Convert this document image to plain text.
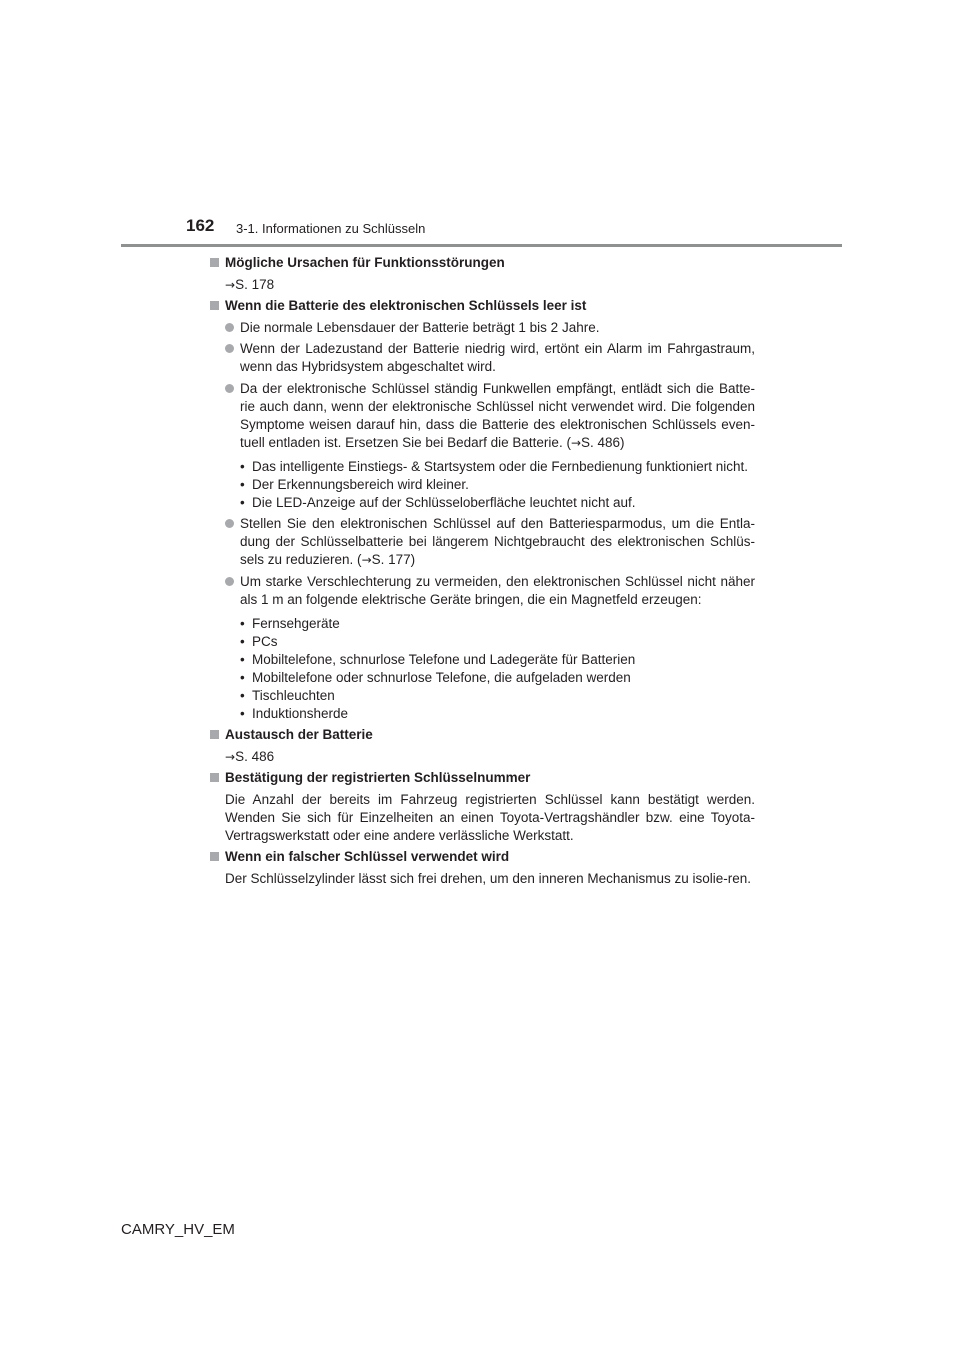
162 3-1. Informationen zu Schlüsseln
Mögliche Ursachen für Funktionsstörungen
→S. 178
Wenn die Batterie des elektronischen Schlüssels leer ist
Die normale Lebensdauer der Batterie beträgt 1 bis 2 Jahre.
Wenn der Ladezustand der Batterie niedrig wird, ertönt ein Alarm im Fahrgastraum, wenn das Hybridsystem abgeschaltet wird.
Da der elektronische Schlüssel ständig Funkwellen empfängt, entlädt sich die Batte-rie auch dann, wenn der elektronische Schlüssel nicht verwendet wird. Die folgenden Symptome weisen darauf hin, dass die Batterie des elektronischen Schlüssels even-tuell entladen ist. Ersetzen Sie bei Bedarf die Batterie. (→S. 486)
• Das intelligente Einstiegs- & Startsystem oder die Fernbedienung funktioniert nicht.
• Der Erkennungsbereich wird kleiner.
• Die LED-Anzeige auf der Schlüsseloberfläche leuchtet nicht auf.
Stellen Sie den elektronischen Schlüssel auf den Batteriesparmodus, um die Entla-dung der Schlüsselbatterie bei längerem Nichtgebraucht des elektronischen Schlüs-sels zu reduzieren. (→S. 177)
Um starke Verschlechterung zu vermeiden, den elektronischen Schlüssel nicht näher als 1 m an folgende elektrische Geräte bringen, die ein Magnetfeld erzeugen:
• Fernsehgeräte
• PCs
• Mobiltelefone, schnurlose Telefone und Ladegeräte für Batterien
• Mobiltelefone oder schnurlose Telefone, die aufgeladen werden
• Tischleuchten
• Induktionsherde
Austausch der Batterie
→S. 486
Bestätigung der registrierten Schlüsselnummer
Die Anzahl der bereits im Fahrzeug registrierten Schlüssel kann bestätigt werden. Wenden Sie sich für Einzelheiten an einen Toyota-Vertragshändler bzw. eine Toyota-Vertragswerkstatt oder eine andere verlässliche Werkstatt.
Wenn ein falscher Schlüssel verwendet wird
Der Schlüsselzylinder lässt sich frei drehen, um den inneren Mechanismus zu isolie-ren.
CAMRY_HV_EM
